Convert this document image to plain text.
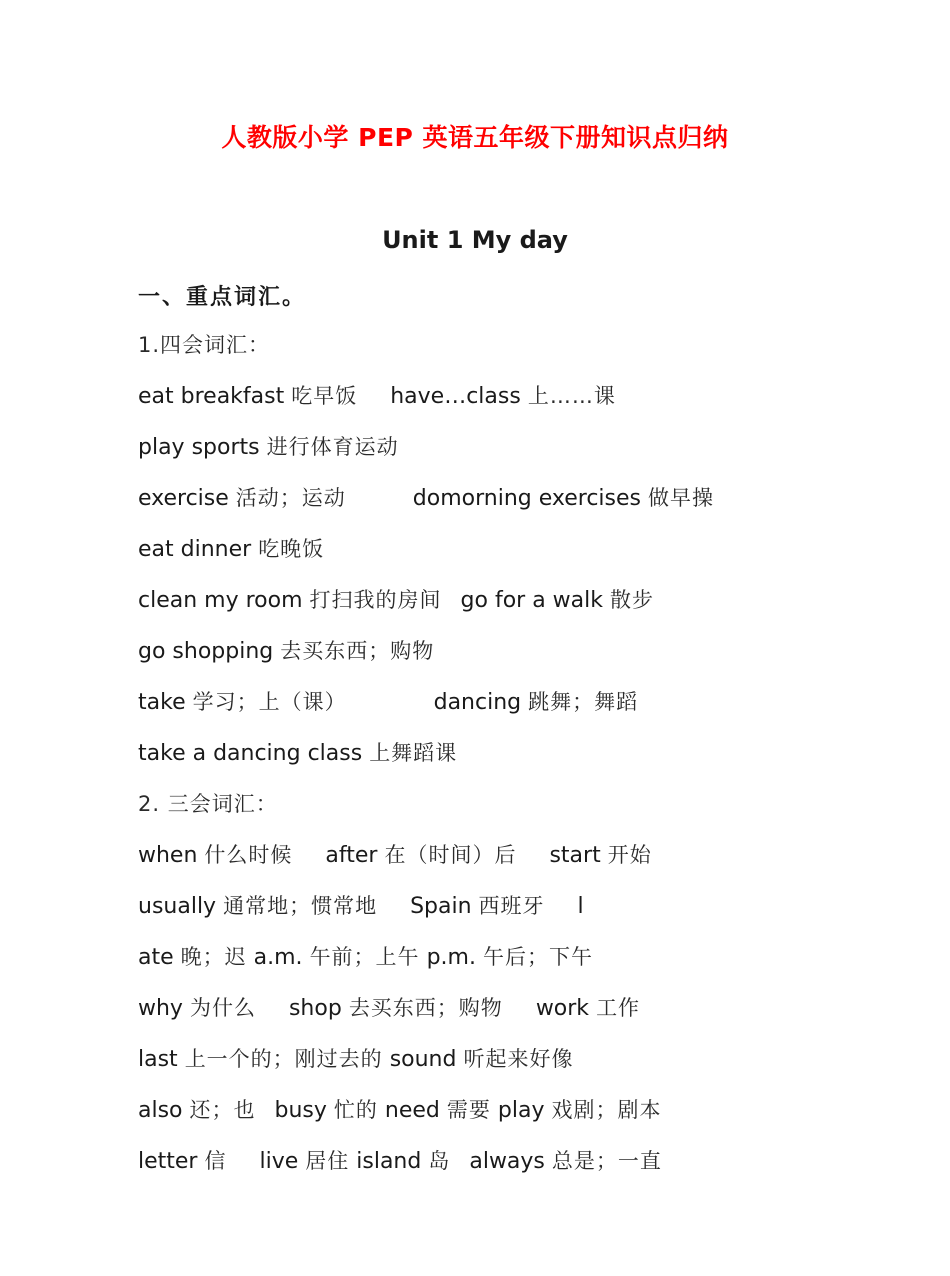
人教版小学 PEP 英语五年级下册知识点归纳
Unit 1 My day
一、重点词汇。
1.四会词汇：
eat breakfast 吃早饭 have…class 上……课
play sports 进行体育运动
exercise 活动；运动	domorning exercises 做早操
eat dinner 吃晚饭
clean my room 打扫我的房间 go for a walk 散步
go shopping 去买东西；购物
take 学习；上（课）	dancing 跳舞；舞蹈
take a dancing class 上舞蹈课
2. 三会词汇：
when 什么时候 after 在（时间）后 start 开始
usually 通常地；惯常地 Spain 西班牙 l
ate 晚；迟 a.m. 午前；上午 p.m. 午后；下午
why 为什么 shop 去买东西；购物 work 工作
last 上一个的；刚过去的 sound 听起来好像
also 还；也 busy 忙的 need 需要 play 戏剧；剧本
letter 信 live 居住 island 岛 always 总是；一直
